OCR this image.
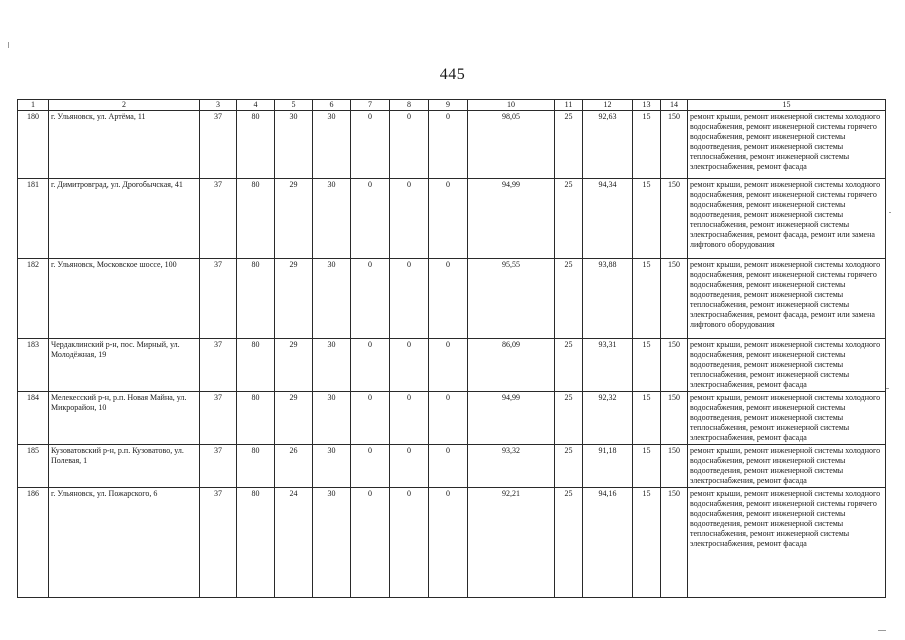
445
1	2	3	4	5	6	7	8	9	10	11	12	13	14	15
180	г. Ульяновск, ул. Артёма, 11	37	80	30	30	0	0	0	98,05	25	92,63	15	150	ремонт крыши, ремонт инженерной системы холодного водоснабжения, ремонт инженерной системы горячего водоснабжения, ремонт инженерной системы водоотведения, ремонт инженерной системы теплоснабжения, ремонт инженерной системы электроснабжения, ремонт фасада
181	г. Димитровград, ул. Дрогобычская, 41	37	80	29	30	0	0	0	94,99	25	94,34	15	150	ремонт крыши, ремонт инженерной системы холодного водоснабжения, ремонт инженерной системы горячего водоснабжения, ремонт инженерной системы водоотведения, ремонт инженерной системы теплоснабжения, ремонт инженерной системы электроснабжения, ремонт фасада, ремонт или замена лифтового оборудования
182	г. Ульяновск, Московское шоссе, 100	37	80	29	30	0	0	0	95,55	25	93,88	15	150	ремонт крыши, ремонт инженерной системы холодного водоснабжения, ремонт инженерной системы горячего водоснабжения, ремонт инженерной системы водоотведения, ремонт инженерной системы теплоснабжения, ремонт инженерной системы электроснабжения, ремонт фасада, ремонт или замена лифтового оборудования
183	Чердаклинский р-н, пос. Мирный, ул. Молодёжная, 19	37	80	29	30	0	0	0	86,09	25	93,31	15	150	ремонт крыши, ремонт инженерной системы холодного водоснабжения, ремонт инженерной системы водоотведения, ремонт инженерной системы теплоснабжения, ремонт инженерной системы электроснабжения, ремонт фасада
184	Мелекесский р-н, р.п. Новая Майна, ул. Микрорайон, 10	37	80	29	30	0	0	0	94,99	25	92,32	15	150	ремонт крыши, ремонт инженерной системы холодного водоснабжения, ремонт инженерной системы водоотведения, ремонт инженерной системы теплоснабжения, ремонт инженерной системы электроснабжения, ремонт фасада
185	Кузоватовский р-н, р.п. Кузоватово, ул. Полевая, 1	37	80	26	30	0	0	0	93,32	25	91,18	15	150	ремонт крыши, ремонт инженерной системы холодного водоснабжения, ремонт инженерной системы водоотведения, ремонт инженерной системы электроснабжения, ремонт фасада
186	г. Ульяновск, ул. Пожарского, 6	37	80	24	30	0	0	0	92,21	25	94,16	15	150	ремонт крыши, ремонт инженерной системы холодного водоснабжения, ремонт инженерной системы горячего водоснабжения, ремонт инженерной системы водоотведения, ремонт инженерной системы теплоснабжения, ремонт инженерной системы электроснабжения, ремонт фасада
